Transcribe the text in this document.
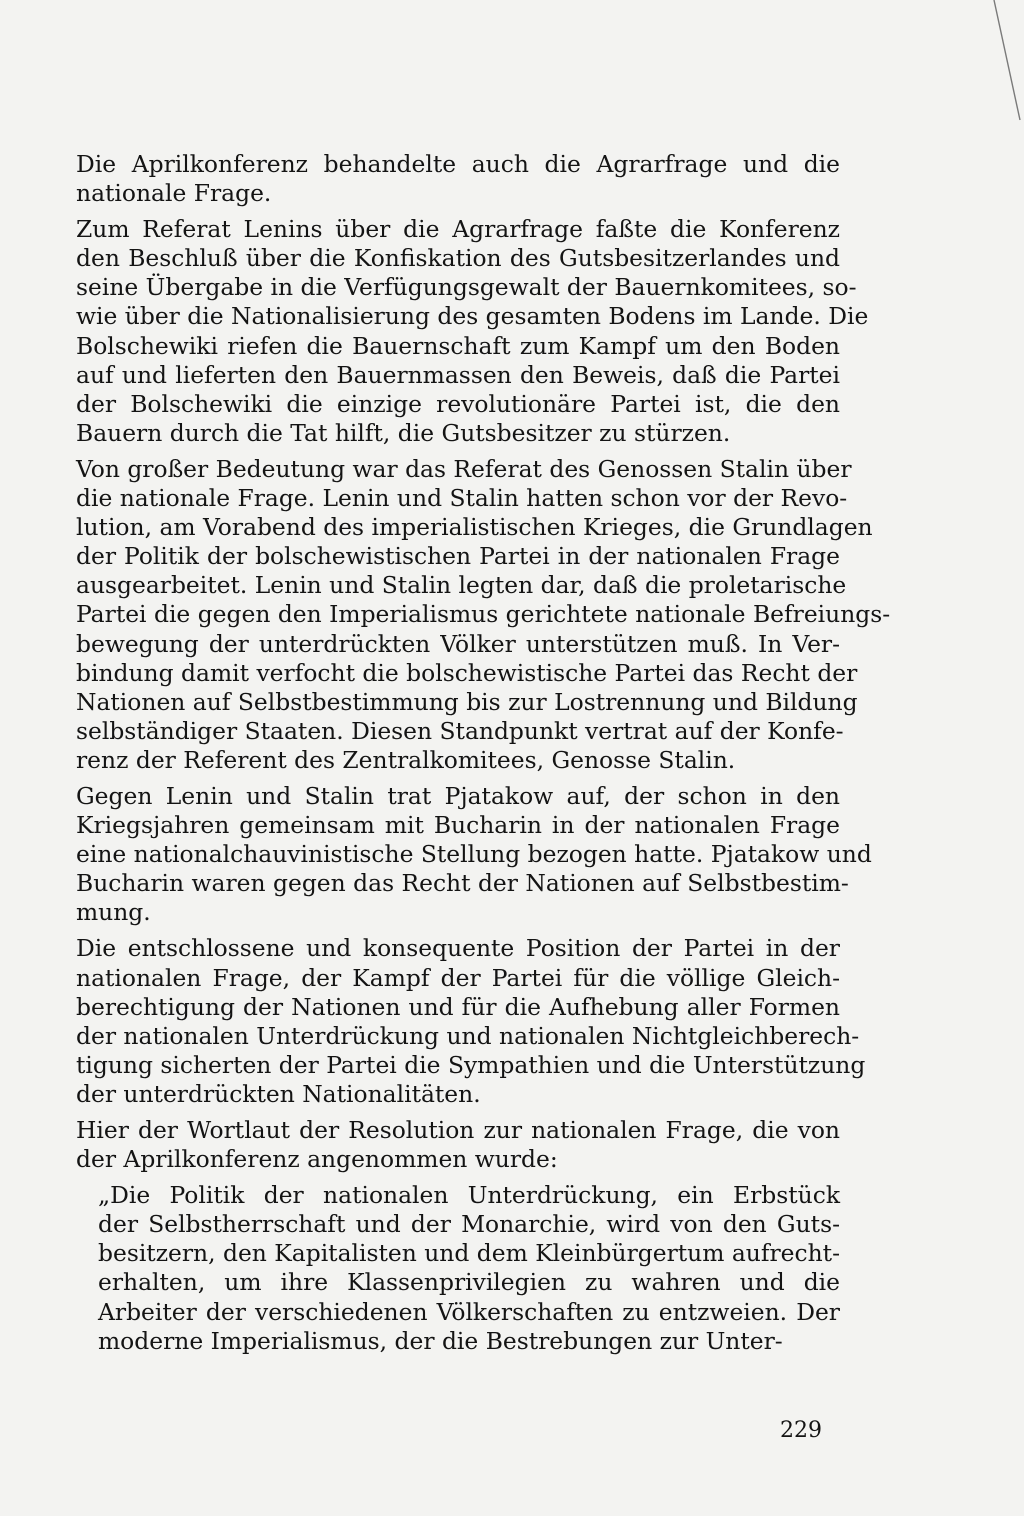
Die Aprilkonferenz behandelte auch die Agrarfrage und die
nationale Frage.
Zum Referat Lenins über die Agrarfrage faßte die Konferenz
den Beschluß über die Konfiskation des Gutsbesitzerlandes und
seine Übergabe in die Verfügungsgewalt der Bauernkomitees, so-
wie über die Nationalisierung des gesamten Bodens im Lande. Die
Bolschewiki riefen die Bauernschaft zum Kampf um den Boden
auf und lieferten den Bauernmassen den Beweis, daß die Partei
der Bolschewiki die einzige revolutionäre Partei ist, die den
Bauern durch die Tat hilft, die Gutsbesitzer zu stürzen.
Von großer Bedeutung war das Referat des Genossen Stalin über
die nationale Frage. Lenin und Stalin hatten schon vor der Revo-
lution, am Vorabend des imperialistischen Krieges, die Grundlagen
der Politik der bolschewistischen Partei in der nationalen Frage
ausgearbeitet. Lenin und Stalin legten dar, daß die proletarische
Partei die gegen den Imperialismus gerichtete nationale Befreiungs-
bewegung der unterdrückten Völker unterstützen muß. In Ver-
bindung damit verfocht die bolschewistische Partei das Recht der
Nationen auf Selbstbestimmung bis zur Lostrennung und Bildung
selbständiger Staaten. Diesen Standpunkt vertrat auf der Konfe-
renz der Referent des Zentralkomitees, Genosse Stalin.
Gegen Lenin und Stalin trat Pjatakow auf, der schon in den
Kriegsjahren gemeinsam mit Bucharin in der nationalen Frage
eine nationalchauvinistische Stellung bezogen hatte. Pjatakow und
Bucharin waren gegen das Recht der Nationen auf Selbstbestim-
mung.
Die entschlossene und konsequente Position der Partei in der
nationalen Frage, der Kampf der Partei für die völlige Gleich-
berechtigung der Nationen und für die Aufhebung aller Formen
der nationalen Unterdrückung und nationalen Nichtgleichberech-
tigung sicherten der Partei die Sympathien und die Unterstützung
der unterdrückten Nationalitäten.
Hier der Wortlaut der Resolution zur nationalen Frage, die von
der Aprilkonferenz angenommen wurde:
„Die Politik der nationalen Unterdrückung, ein Erbstück
der Selbstherrschaft und der Monarchie, wird von den Guts-
besitzern, den Kapitalisten und dem Kleinbürgertum aufrecht-
erhalten, um ihre Klassenprivilegien zu wahren und die
Arbeiter der verschiedenen Völkerschaften zu entzweien. Der
moderne Imperialismus, der die Bestrebungen zur Unter-
229
